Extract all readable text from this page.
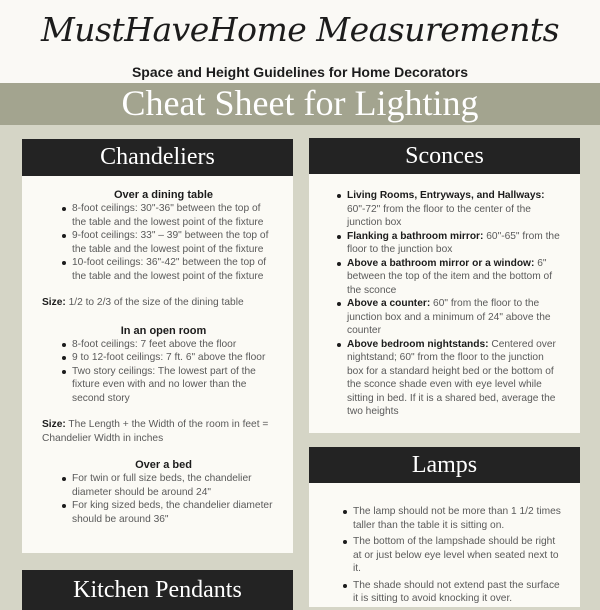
MustHaveHome Measurements
Space and Height Guidelines for Home Decorators
Cheat Sheet for Lighting
Chandeliers
Over a dining table
8-foot ceilings: 30"-36" between the top of the table and the lowest point of the fixture
9-foot ceilings: 33" – 39" between the top of the table and the lowest point of the fixture
10-foot ceilings: 36"-42" between the top of the table and the lowest point of the fixture

Size: 1/2 to 2/3 of the size of the dining table

In an open room
8-foot ceilings: 7 feet above the floor
9 to 12-foot ceilings: 7 ft. 6" above the floor
Two story ceilings: The lowest part of the fixture even with and no lower than the second story

Size: The Length + the Width of the room in feet = Chandelier Width in inches

Over a bed
For twin or full size beds, the chandelier diameter should be around 24"
For king sized beds, the chandelier diameter should be around 36"
Kitchen Pendants
Sconces
Living Rooms, Entryways, and Hallways: 60"-72" from the floor to the center of the junction box
Flanking a bathroom mirror: 60"-65" from the floor to the junction box
Above a bathroom mirror or a window: 6" between the top of the item and the bottom of the sconce
Above a counter: 60" from the floor to the junction box and a minimum of 24" above the counter
Above bedroom nightstands: Centered over nightstand; 60" from the floor to the junction box for a standard height bed or the bottom of the sconce shade even with eye level while sitting in bed. If it is a shared bed, average the two heights
Lamps
The lamp should not be more than 1 1/2 times taller than the table it is sitting on.
The bottom of the lampshade should be right at or just below eye level when seated next to it.
The shade should not extend past the surface it is sitting to avoid knocking it over.
